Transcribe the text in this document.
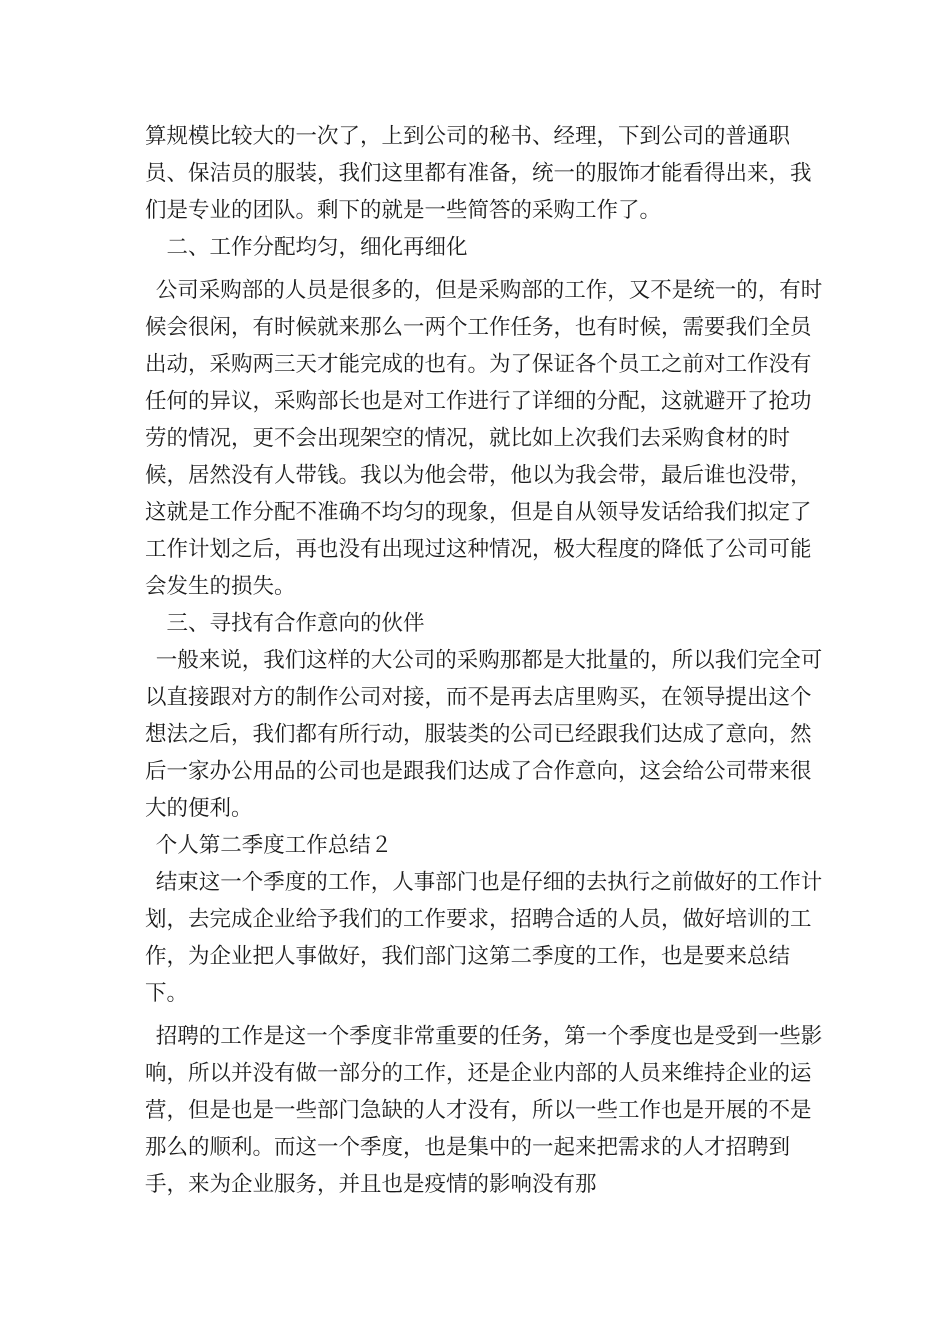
算规模比较大的一次了，上到公司的秘书、经理，下到公司的普通职员、保洁员的服装，我们这里都有准备，统一的服饰才能看得出来，我们是专业的团队。剩下的就是一些简答的采购工作了。

二、工作分配均匀，细化再细化

公司采购部的人员是很多的，但是采购部的工作，又不是统一的，有时候会很闲，有时候就来那么一两个工作任务，也有时候，需要我们全员出动，采购两三天才能完成的也有。为了保证各个员工之前对工作没有任何的异议，采购部长也是对工作进行了详细的分配，这就避开了抢功劳的情况，更不会出现架空的情况，就比如上次我们去采购食材的时候，居然没有人带钱。我以为他会带，他以为我会带，最后谁也没带，这就是工作分配不准确不均匀的现象，但是自从领导发话给我们拟定了工作计划之后，再也没有出现过这种情况，极大程度的降低了公司可能会发生的损失。

三、寻找有合作意向的伙伴

一般来说，我们这样的大公司的采购那都是大批量的，所以我们完全可以直接跟对方的制作公司对接，而不是再去店里购买，在领导提出这个想法之后，我们都有所行动，服装类的公司已经跟我们达成了意向，然后一家办公用品的公司也是跟我们达成了合作意向，这会给公司带来很大的便利。

个人第二季度工作总结２

结束这一个季度的工作，人事部门也是仔细的去执行之前做好的工作计划，去完成企业给予我们的工作要求，招聘合适的人员，做好培训的工作，为企业把人事做好，我们部门这第二季度的工作，也是要来总结下。

招聘的工作是这一个季度非常重要的任务，第一个季度也是受到一些影响，所以并没有做一部分的工作，还是企业内部的人员来维持企业的运营，但是也是一些部门急缺的人才没有，所以一些工作也是开展的不是那么的顺利。而这一个季度，也是集中的一起来把需求的人才招聘到手，来为企业服务，并且也是疫情的影响没有那
